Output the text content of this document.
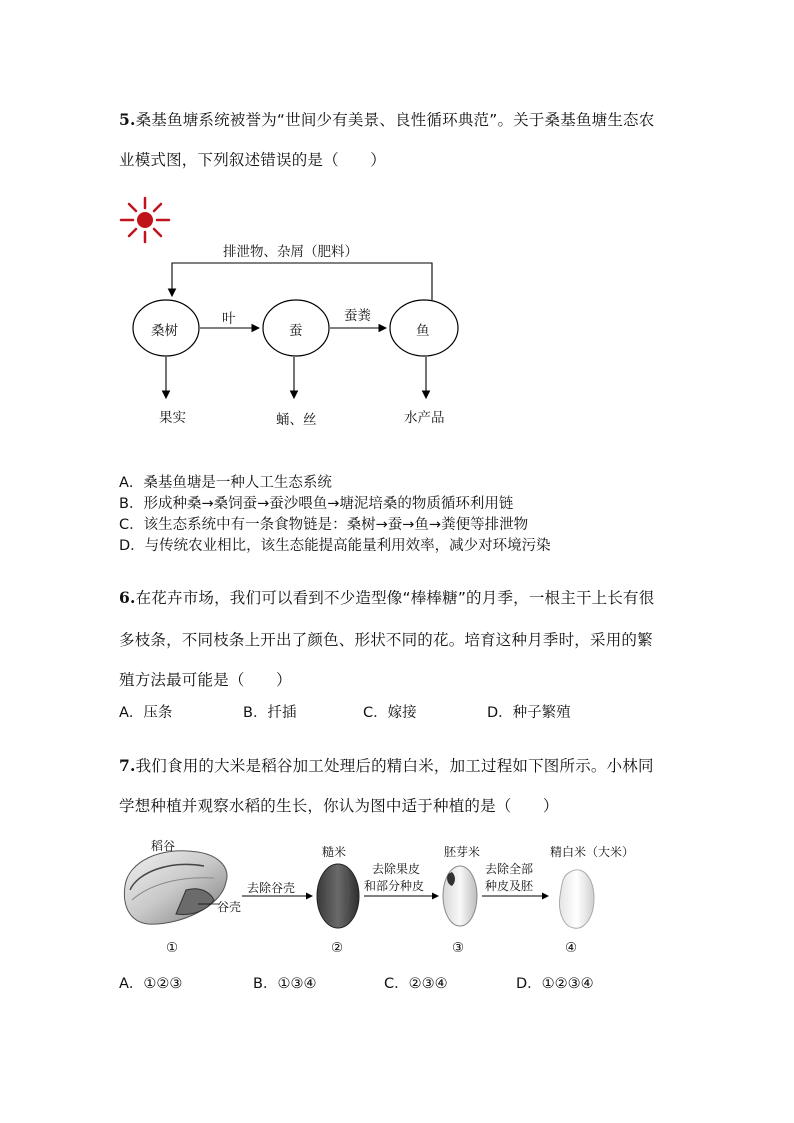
5.桑基鱼塘系统被誉为“世间少有美景、良性循环典范”。关于桑基鱼塘生态农
业模式图，下列叙述错误的是（　　）
排泄物、杂屑（肥料）
桑树	蚕	鱼
叶	蚕粪
果实	蛹、丝	水产品
A．桑基鱼塘是一种人工生态系统
B．形成种桑→桑饲蚕→蚕沙喂鱼→塘泥培桑的物质循环利用链
C．该生态系统中有一条食物链是：桑树→蚕→鱼→粪便等排泄物
D．与传统农业相比，该生态能提高能量利用效率，减少对环境污染
6.在花卉市场，我们可以看到不少造型像“棒棒糖”的月季，一根主干上长有很
多枝条，不同枝条上开出了颜色、形状不同的花。培育这种月季时，采用的繁
殖方法最可能是（　　）
A．压条	B．扦插	C．嫁接	D．种子繁殖
7.我们食用的大米是稻谷加工处理后的精白米，加工过程如下图所示。小林同
学想种植并观察水稻的生长，你认为图中适于种植的是（　　）
稻谷
谷壳
糙米	胚芽米	精白米（大米）
去除谷壳
去除果皮
和部分种皮
去除全部
种皮及胚
①	②	③	④
A．①②③	B．①③④	C．②③④	D．①②③④
